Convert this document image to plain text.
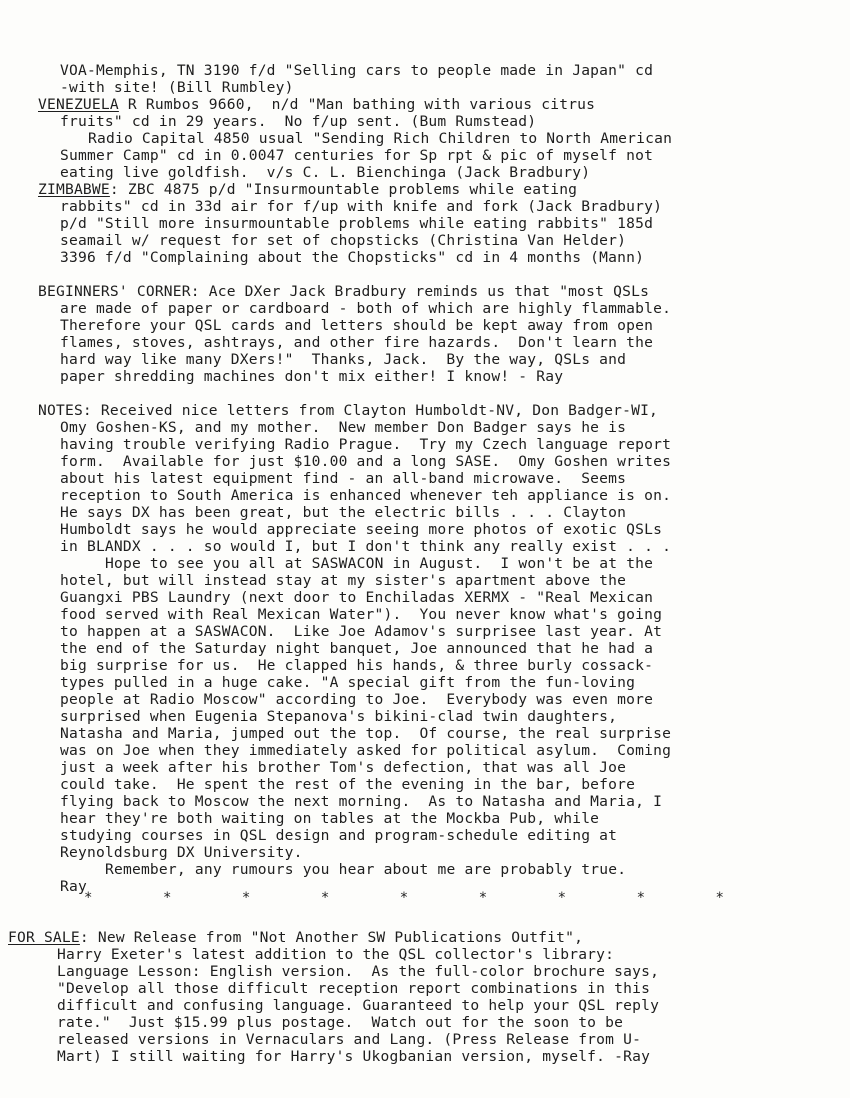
VOA-Memphis, TN 3190 f/d "Selling cars to people made in Japan" cd
-with site! (Bill Rumbley)
VENEZUELA R Rumbos 9660,  n/d "Man bathing with various citrus
fruits" cd in 29 years.  No f/up sent. (Bum Rumstead)
Radio Capital 4850 usual "Sending Rich Children to North American
Summer Camp" cd in 0.0047 centuries for Sp rpt & pic of myself not
eating live goldfish.  v/s C. L. Bienchinga (Jack Bradbury)
ZIMBABWE: ZBC 4875 p/d "Insurmountable problems while eating
rabbits" cd in 33d air for f/up with knife and fork (Jack Bradbury)
p/d "Still more insurmountable problems while eating rabbits" 185d
seamail w/ request for set of chopsticks (Christina Van Helder)
3396 f/d "Complaining about the Chopsticks" cd in 4 months (Mann)
BEGINNERS' CORNER: Ace DXer Jack Bradbury reminds us that "most QSLs
are made of paper or cardboard - both of which are highly flammable.
Therefore your QSL cards and letters should be kept away from open
flames, stoves, ashtrays, and other fire hazards.  Don't learn the
hard way like many DXers!"  Thanks, Jack.  By the way, QSLs and
paper shredding machines don't mix either! I know! - Ray
NOTES: Received nice letters from Clayton Humboldt-NV, Don Badger-WI,
Omy Goshen-KS, and my mother.  New member Don Badger says he is
having trouble verifying Radio Prague.  Try my Czech language report
form.  Available for just $10.00 and a long SASE.  Omy Goshen writes
about his latest equipment find - an all-band microwave.  Seems
reception to South America is enhanced whenever teh appliance is on.
He says DX has been great, but the electric bills . . . Clayton
Humboldt says he would appreciate seeing more photos of exotic QSLs
in BLANDX . . . so would I, but I don't think any really exist . . .
Hope to see you all at SASWACON in August.  I won't be at the
hotel, but will instead stay at my sister's apartment above the
Guangxi PBS Laundry (next door to Enchiladas XERMX - "Real Mexican
food served with Real Mexican Water").  You never know what's going
to happen at a SASWACON.  Like Joe Adamov's surprisee last year. At
the end of the Saturday night banquet, Joe announced that he had a
big surprise for us.  He clapped his hands, & three burly cossack-
types pulled in a huge cake. "A special gift from the fun-loving
people at Radio Moscow" according to Joe.  Everybody was even more
surprised when Eugenia Stepanova's bikini-clad twin daughters,
Natasha and Maria, jumped out the top.  Of course, the real surprise
was on Joe when they immediately asked for political asylum.  Coming
just a week after his brother Tom's defection, that was all Joe
could take.  He spent the rest of the evening in the bar, before
flying back to Moscow the next morning.  As to Natasha and Maria, I
hear they're both waiting on tables at the Mockba Pub, while
studying courses in QSL design and program-schedule editing at
Reynoldsburg DX University.
Remember, any rumours you hear about me are probably true.
Ray
*	*	*	*	*	*	*	*	*
FOR SALE: New Release from "Not Another SW Publications Outfit",
Harry Exeter's latest addition to the QSL collector's library:
Language Lesson: English version.  As the full-color brochure says,
"Develop all those difficult reception report combinations in this
difficult and confusing language. Guaranteed to help your QSL reply
rate."  Just $15.99 plus postage.  Watch out for the soon to be
released versions in Vernaculars and Lang. (Press Release from U-
Mart) I still waiting for Harry's Ukogbanian version, myself. -Ray
